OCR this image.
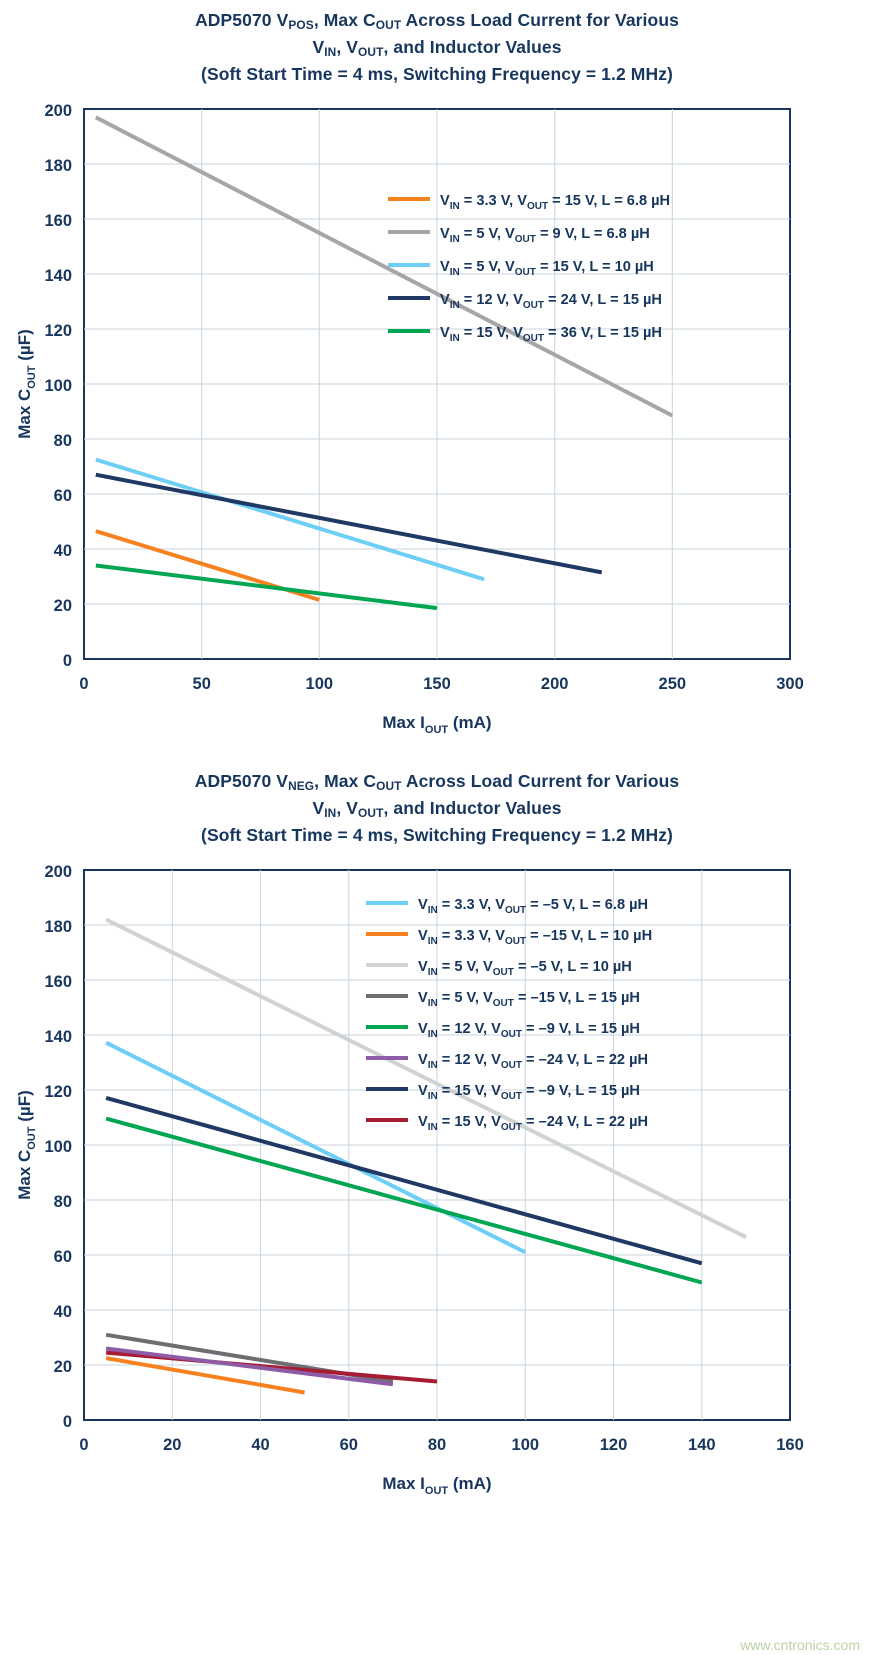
ADP5070 $V_{POS}$, Max $C_{OUT}$ Across Load Current for Various
$V_{IN}$, $V_{OUT}$, and Inductor Values
(Soft Start Time = 4 ms, Switching Frequency = 1.2 MHz)
$V_{IN} = 3.3$ V, $V_{OUT} = 15$ V, L = 6.8 µH
$V_{IN} = 5$ V, $V_{OUT} = 9$ V, L = 6.8 µH
$V_{IN} = 5$ V, $V_{OUT} = 15$ V, L = 10 µH
$V_{IN} = 12$ V, $V_{OUT} = 24$ V, L = 15 µH
$V_{IN} = 15$ V, $V_{OUT} = 36$ V, L = 15 µH
0
20
40
60
80
100
120
140
160
180
200
0	50	100	150	200	250	300
Max $I_{OUT}$ (mA)
Max $C_{OUT}$ (µF)
ADP5070 $V_{NEG}$, Max $C_{OUT}$ Across Load Current for Various
$V_{IN}$, $V_{OUT}$, and Inductor Values
(Soft Start Time = 4 ms, Switching Frequency = 1.2 MHz)
$V_{IN} = 3.3$ V, $V_{OUT} = -5$ V, L = 6.8 µH
$V_{IN} = 3.3$ V, $V_{OUT} = -15$ V, L = 10 µH
$V_{IN} = 5$ V, $V_{OUT} = -5$ V, L = 10 µH
$V_{IN} = 5$ V, $V_{OUT} = -15$ V, L = 15 µH
$V_{IN} = 12$ V, $V_{OUT} = -9$ V, L = 15 µH
$V_{IN} = 12$ V, $V_{OUT} = -24$ V, L = 22 µH
$V_{IN} = 15$ V, $V_{OUT} = -9$ V, L = 15 µH
$V_{IN} = 15$ V, $V_{OUT} = -24$ V, L = 22 µH
0
20
40
60
80
100
120
140
160
180
200
0	20	40	60	80	100	120	140	160
Max $I_{OUT}$ (mA)
Max $C_{OUT}$ (µF)
www.cntronics.com
